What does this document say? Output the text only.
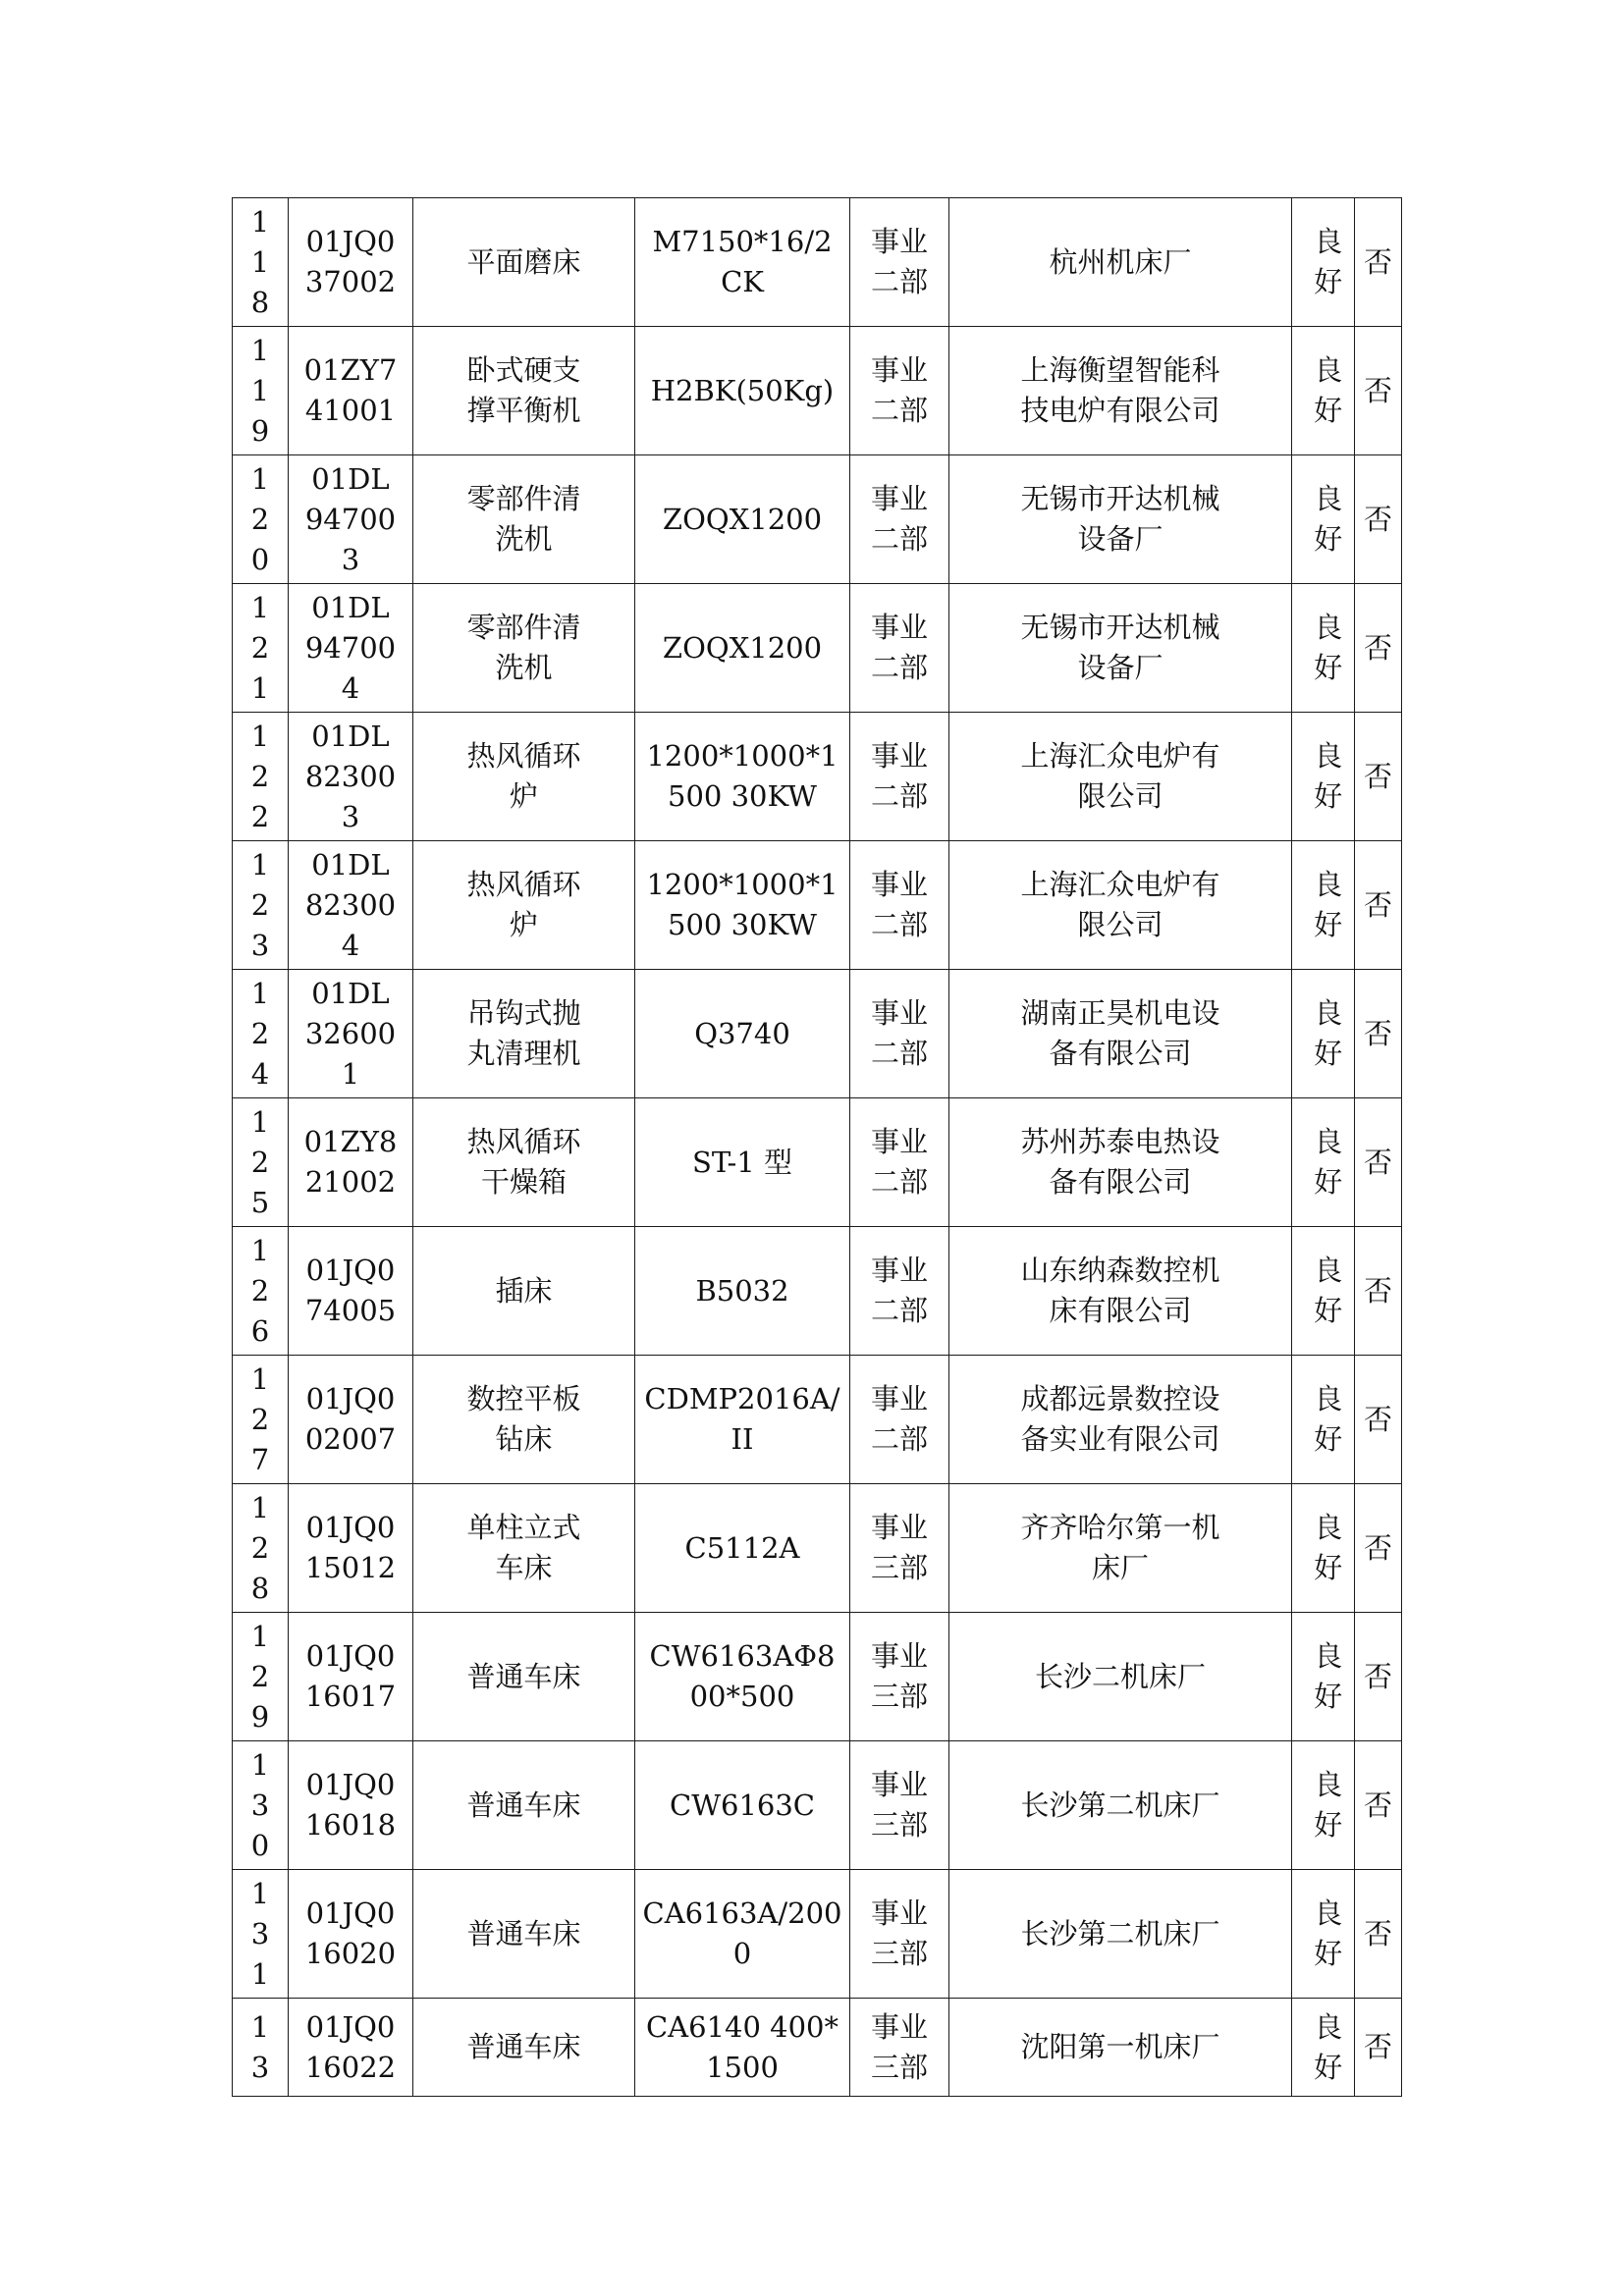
118	01JQ037002	平面磨床	M7150*16/2CK	事业二部	杭州机床厂	良好	否
119	01ZY741001	卧式硬支撑平衡机	H2BK(50Kg)	事业二部	上海衡望智能科技电炉有限公司	良好	否
120	01DL947003	零部件清洗机	ZOQX1200	事业二部	无锡市开达机械设备厂	良好	否
121	01DL947004	零部件清洗机	ZOQX1200	事业二部	无锡市开达机械设备厂	良好	否
122	01DL823003	热风循环炉	1200*1000*1500 30KW	事业二部	上海汇众电炉有限公司	良好	否
123	01DL823004	热风循环炉	1200*1000*1500 30KW	事业二部	上海汇众电炉有限公司	良好	否
124	01DL326001	吊钩式抛丸清理机	Q3740	事业二部	湖南正昊机电设备有限公司	良好	否
125	01ZY821002	热风循环干燥箱	ST-1 型	事业二部	苏州苏泰电热设备有限公司	良好	否
126	01JQ074005	插床	B5032	事业二部	山东纳森数控机床有限公司	良好	否
127	01JQ002007	数控平板钻床	CDMP2016A/II	事业二部	成都远景数控设备实业有限公司	良好	否
128	01JQ015012	单柱立式车床	C5112A	事业三部	齐齐哈尔第一机床厂	良好	否
129	01JQ016017	普通车床	CW6163AΦ800*500	事业三部	长沙二机床厂	良好	否
130	01JQ016018	普通车床	CW6163C	事业三部	长沙第二机床厂	良好	否
131	01JQ016020	普通车床	CA6163A/2000	事业三部	长沙第二机床厂	良好	否
13	01JQ016022	普通车床	CA6140 400*1500	事业三部	沈阳第一机床厂	良好	否
